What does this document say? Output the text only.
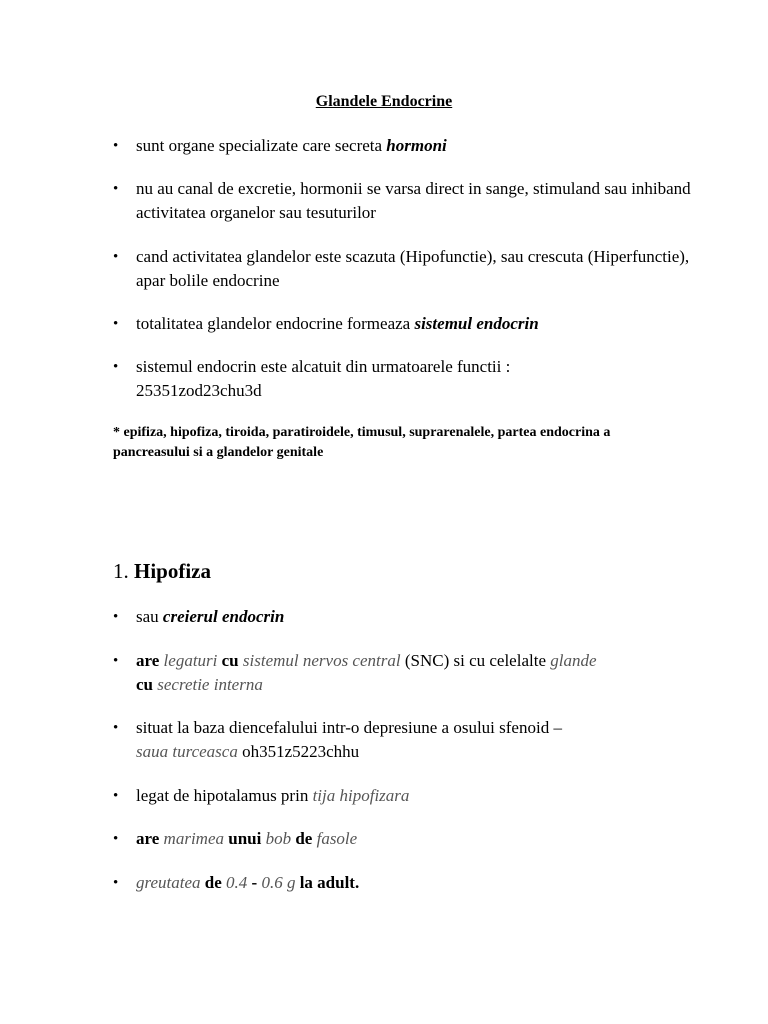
Glandele Endocrine
• sunt organe specializate care secreta hormoni
• nu au canal de excretie, hormonii se varsa direct in sange, stimuland sau inhiband activitatea organelor sau tesuturilor
• cand activitatea glandelor este scazuta (Hipofunctie), sau crescuta (Hiperfunctie), apar bolile endocrine
• totalitatea glandelor endocrine formeaza sistemul endocrin
• sistemul endocrin este alcatuit din urmatoarele functii :
25351zod23chu3d
* epifiza, hipofiza, tiroida, paratiroidele, timusul, suprarenalele, partea endocrina a pancreasului si a glandelor genitale
1. Hipofiza
• sau creierul endocrin
• are legaturi cu sistemul nervos central (SNC) si cu celelalte glande
cu secretie interna
• situat la baza diencefalului intr-o depresiune a osului sfenoid –
saua turceasca oh351z5223chhu
• legat de hipotalamus prin tija hipofizara
• are marimea unui bob de fasole
• greutatea de 0.4 - 0.6 g la adult.
